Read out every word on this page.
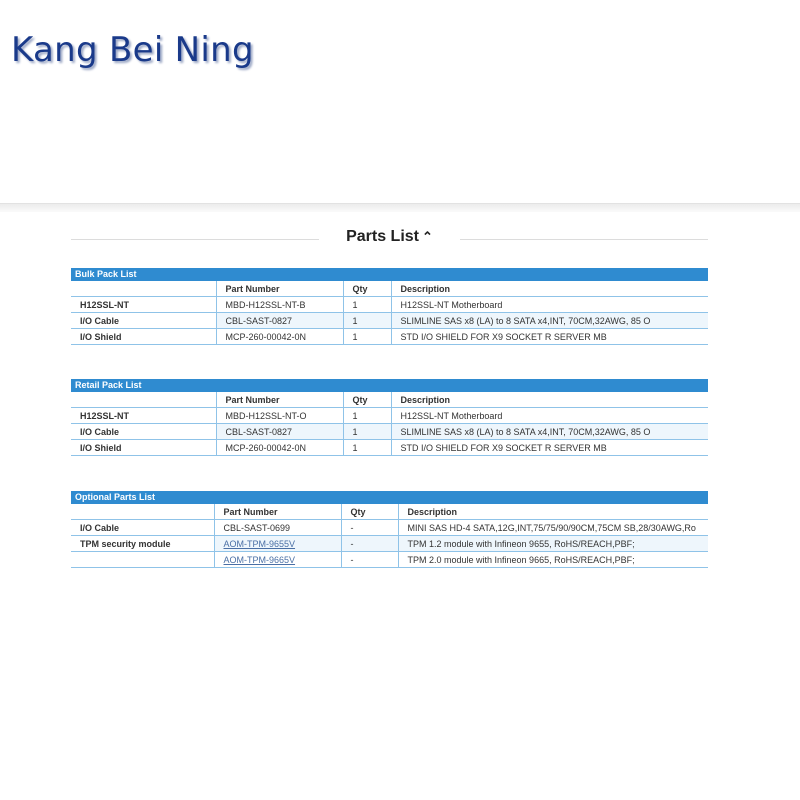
Kang Bei Ning
Parts List ⌃
Bulk Pack List
	Part Number	Qty	Description
H12SSL-NT	MBD-H12SSL-NT-B	1	H12SSL-NT Motherboard
I/O Cable	CBL-SAST-0827	1	SLIMLINE SAS x8 (LA) to 8 SATA x4,INT, 70CM,32AWG, 85 O
I/O Shield	MCP-260-00042-0N	1	STD I/O SHIELD FOR X9 SOCKET R SERVER MB
Retail Pack List
	Part Number	Qty	Description
H12SSL-NT	MBD-H12SSL-NT-O	1	H12SSL-NT Motherboard
I/O Cable	CBL-SAST-0827	1	SLIMLINE SAS x8 (LA) to 8 SATA x4,INT, 70CM,32AWG, 85 O
I/O Shield	MCP-260-00042-0N	1	STD I/O SHIELD FOR X9 SOCKET R SERVER MB
Optional Parts List
	Part Number	Qty	Description
I/O Cable	CBL-SAST-0699	-	MINI SAS HD-4 SATA,12G,INT,75/75/90/90CM,75CM SB,28/30AWG,Ro
TPM security module	AOM-TPM-9655V	-	TPM 1.2 module with Infineon 9655, RoHS/REACH,PBF;
	AOM-TPM-9665V	-	TPM 2.0 module with Infineon 9665, RoHS/REACH,PBF;
